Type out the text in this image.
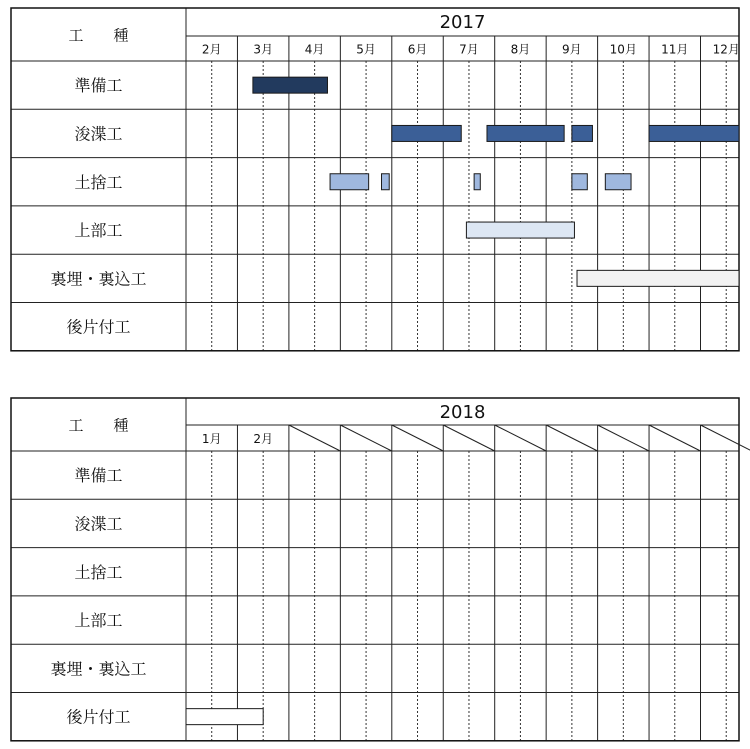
工　　種
2017
2月	3月	4月	5月	6月	7月	8月	9月 10月 11月 12月
準備工
浚渫工
土捨工
上部工
裏埋・裏込工
後片付工
工　　種
2018
1月	2月
準備工
浚渫工
土捨工
上部工
裏埋・裏込工
後片付工
